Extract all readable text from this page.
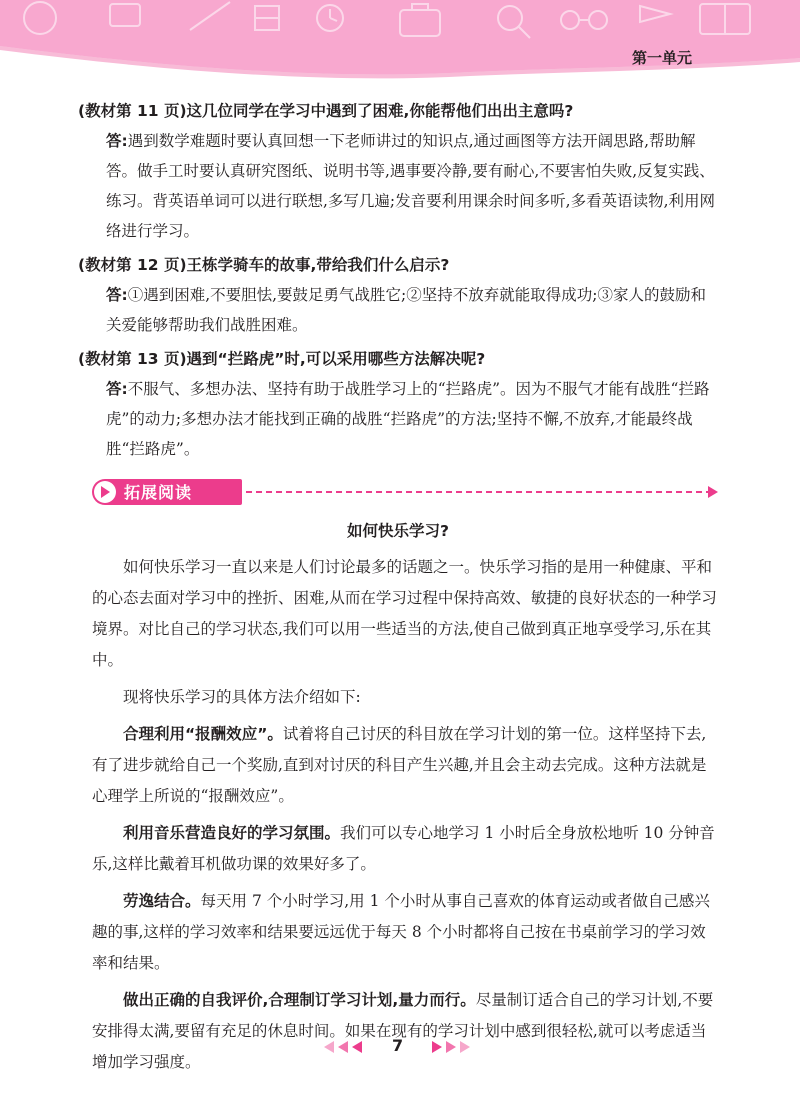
第一单元

(教材第 11 页)这几位同学在学习中遇到了困难,你能帮他们出出主意吗?

答:遇到数学难题时要认真回想一下老师讲过的知识点,通过画图等方法开阔思路,帮助解答。做手工时要认真研究图纸、说明书等,遇事要冷静,要有耐心,不要害怕失败,反复实践、练习。背英语单词可以进行联想,多写几遍;发音要利用课余时间多听,多看英语读物,利用网络进行学习。

(教材第 12 页)王栋学骑车的故事,带给我们什么启示?

答:①遇到困难,不要胆怯,要鼓足勇气战胜它;②坚持不放弃就能取得成功;③家人的鼓励和关爱能够帮助我们战胜困难。

(教材第 13 页)遇到“拦路虎”时,可以采用哪些方法解决呢?

答:不服气、多想办法、坚持有助于战胜学习上的“拦路虎”。因为不服气才能有战胜“拦路虎”的动力;多想办法才能找到正确的战胜“拦路虎”的方法;坚持不懈,不放弃,才能最终战胜“拦路虎”。

拓展阅读
如何快乐学习?

如何快乐学习一直以来是人们讨论最多的话题之一。快乐学习指的是用一种健康、平和的心态去面对学习中的挫折、困难,从而在学习过程中保持高效、敏捷的良好状态的一种学习境界。对比自己的学习状态,我们可以用一些适当的方法,使自己做到真正地享受学习,乐在其中。

现将快乐学习的具体方法介绍如下:

合理利用“报酬效应”。试着将自己讨厌的科目放在学习计划的第一位。这样坚持下去,有了进步就给自己一个奖励,直到对讨厌的科目产生兴趣,并且会主动去完成。这种方法就是心理学上所说的“报酬效应”。

利用音乐营造良好的学习氛围。我们可以专心地学习 1 小时后全身放松地听 10 分钟音乐,这样比戴着耳机做功课的效果好多了。

劳逸结合。每天用 7 个小时学习,用 1 个小时从事自己喜欢的体育运动或者做自己感兴趣的事,这样的学习效率和结果要远远优于每天 8 个小时都将自己按在书桌前学习的学习效率和结果。

做出正确的自我评价,合理制订学习计划,量力而行。尽量制订适合自己的学习计划,不要安排得太满,要留有充足的休息时间。如果在现有的学习计划中感到很轻松,就可以考虑适当增加学习强度。

7
